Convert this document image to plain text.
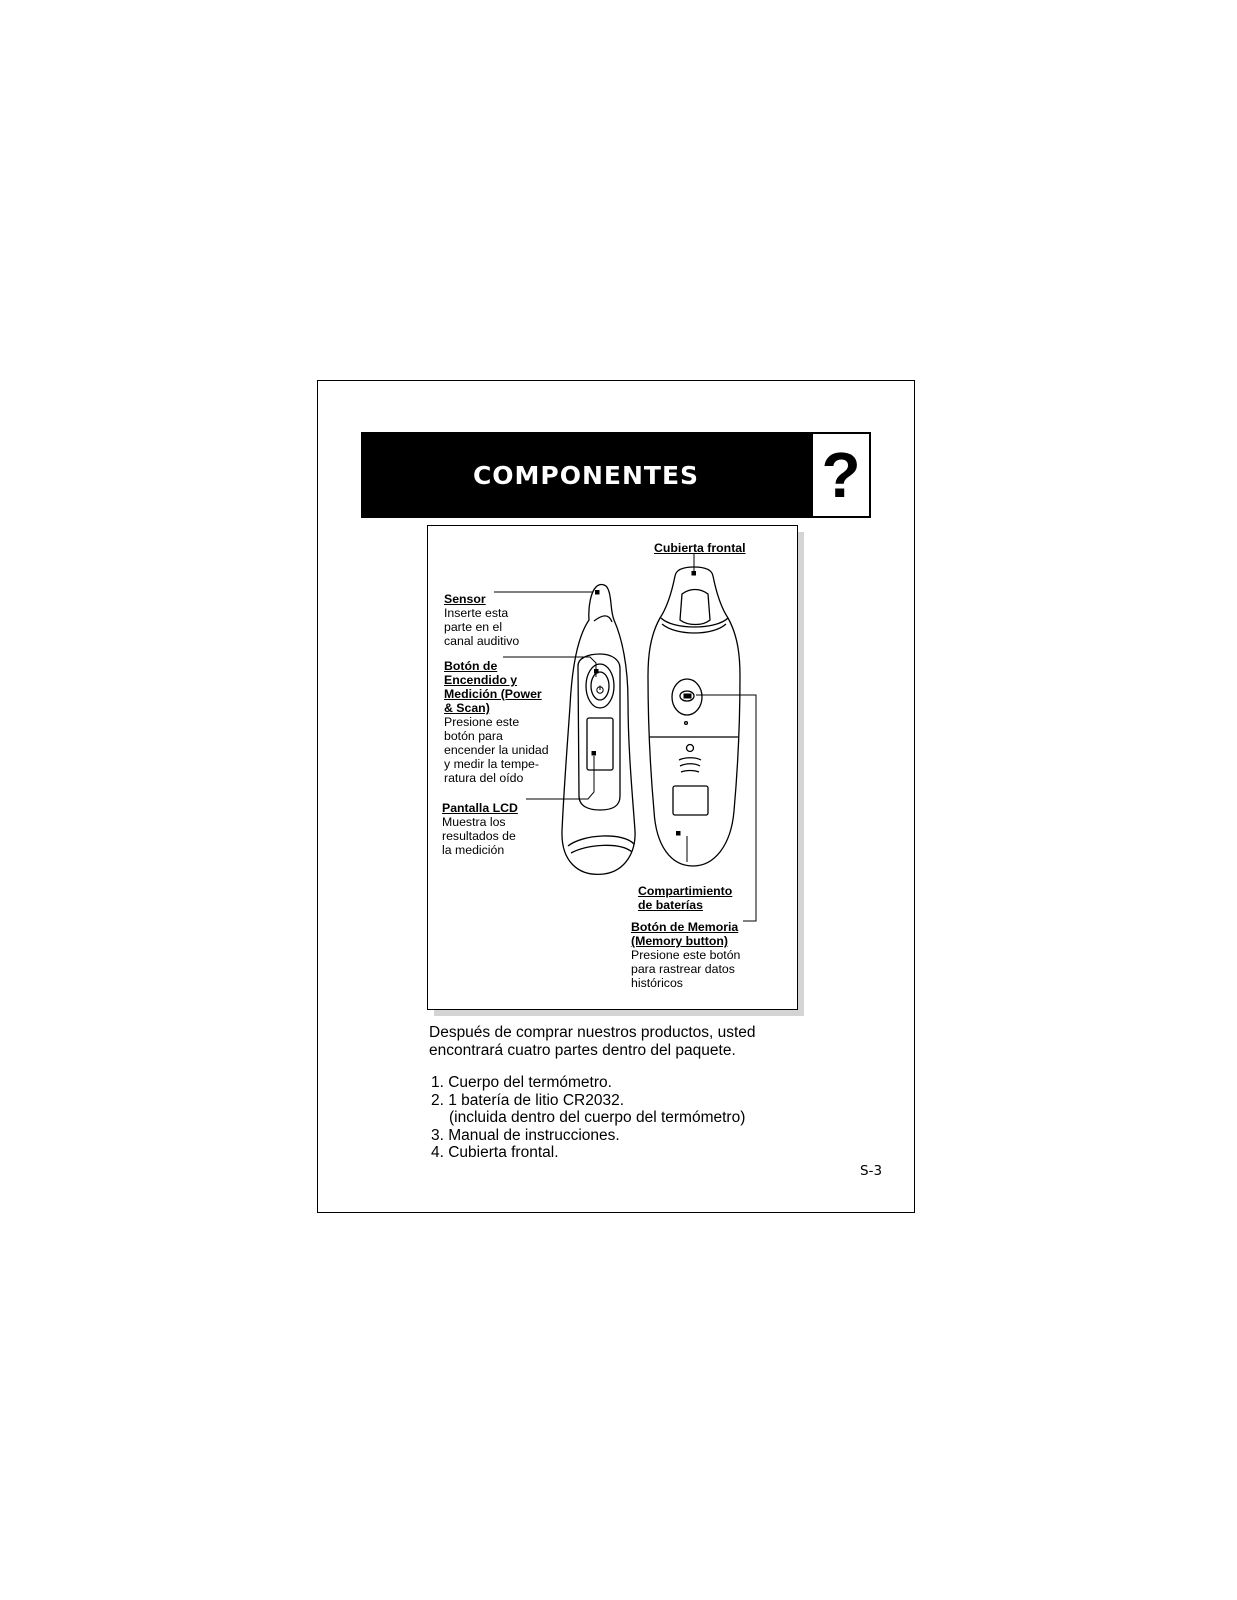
COMPONENTES ?
Cubierta frontal
Sensor
Inserte esta
parte en el
canal auditivo
Botón de
Encendido y
Medición (Power
& Scan)
Presione este
botón para
encender la unidad
y medir la tempe-
ratura del oído
Pantalla LCD
Muestra los
resultados de
la medición
Compartimiento
de baterías
Botón de Memoria
(Memory button)
Presione este botón
para rastrear datos
históricos
Después de comprar nuestros productos, usted
encontrará cuatro partes dentro del paquete.
1. Cuerpo del termómetro.
2. 1 batería de litio CR2032.
(incluida dentro del cuerpo del termómetro)
3. Manual de instrucciones.
4. Cubierta frontal.
S-3
